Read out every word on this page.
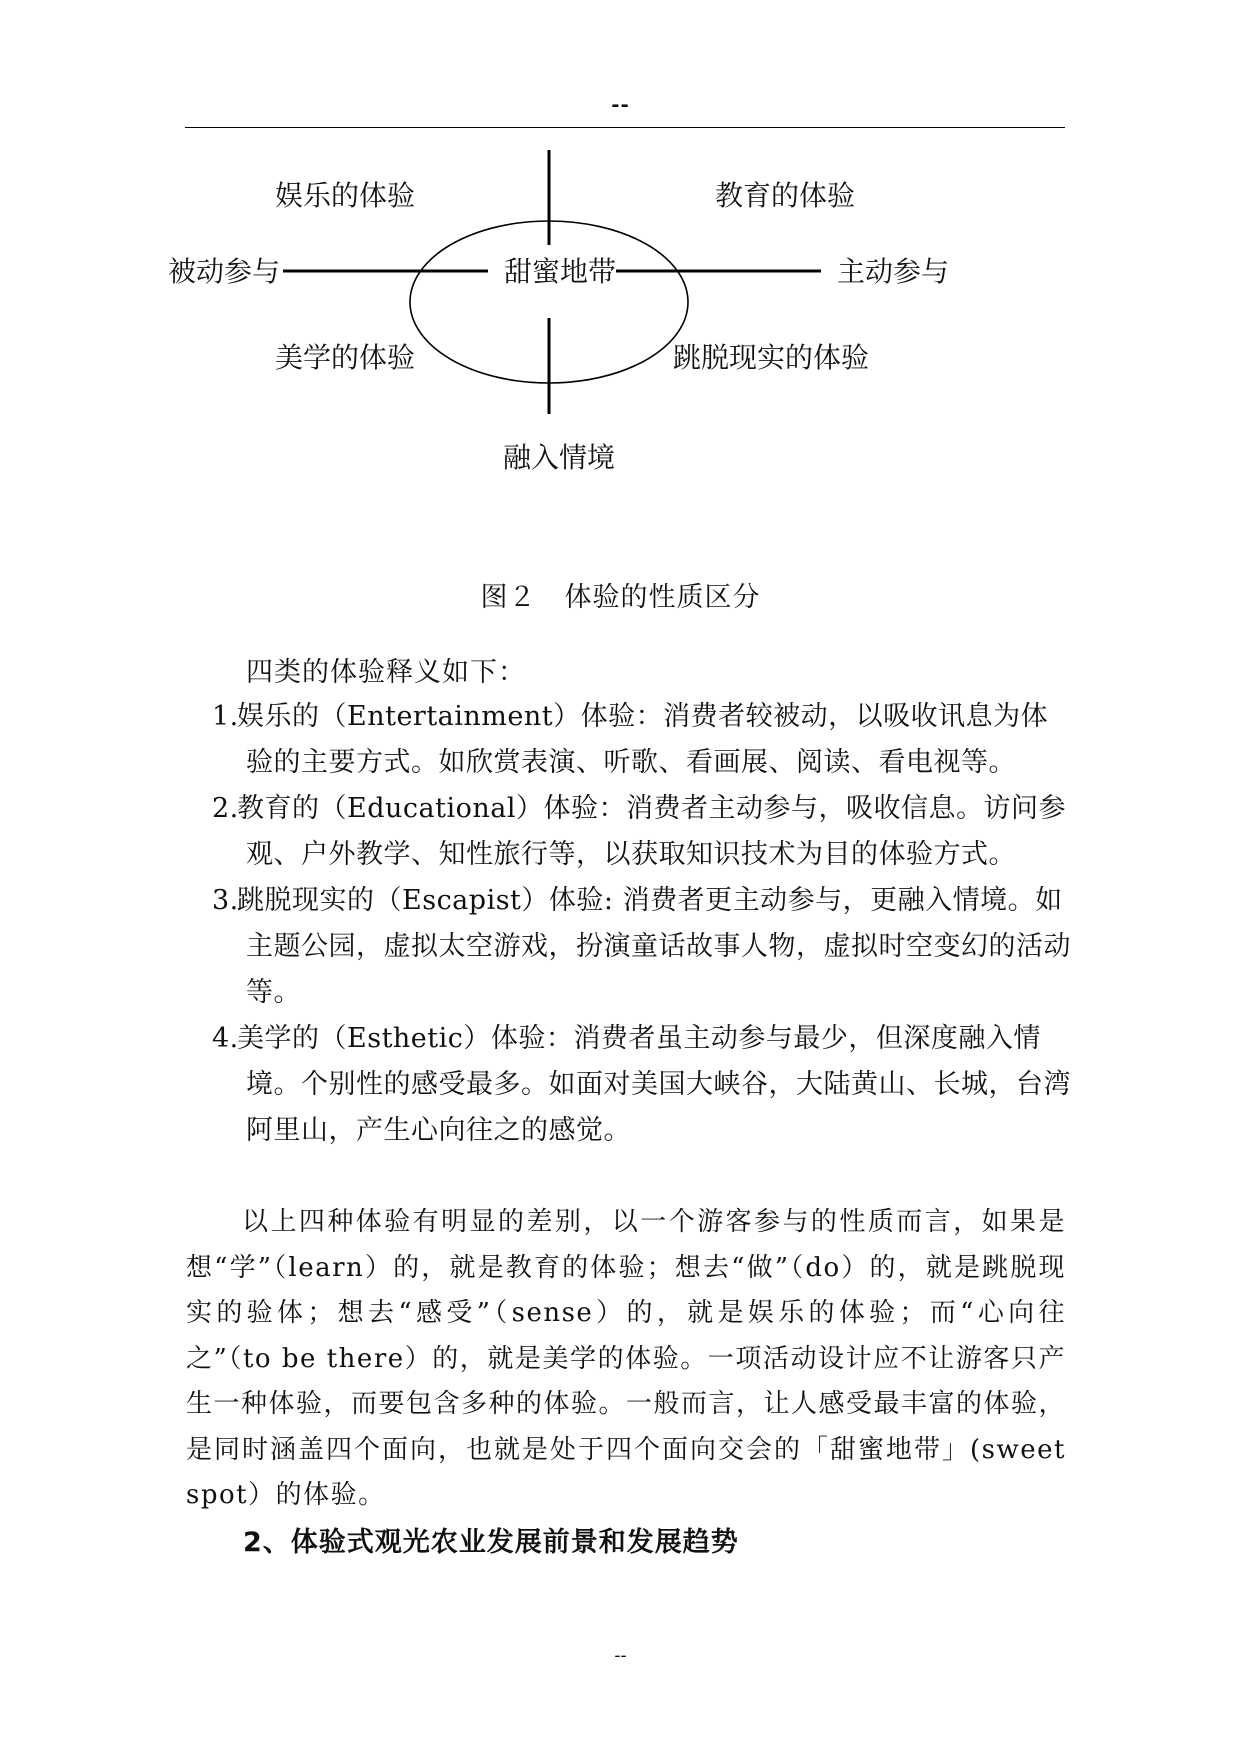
--
娱乐的体验	教育的体验
被动参与	甜蜜地带	主动参与
美学的体验	跳脱现实的体验
融入情境
图２　体验的性质区分
四类的体验释义如下：
1.
娱乐的（Entertainment）体验：消费者较被动，以吸收讯息为体验的主要方式。如欣赏表演、听歌、看画展、阅读、看电视等。
2.
教育的（Educational）体验：消费者主动参与，吸收信息。访问参观、户外教学、知性旅行等，以获取知识技术为目的体验方式。
3.
跳脱现实的（Escapist）体验: 消费者更主动参与，更融入情境。如主题公园，虚拟太空游戏，扮演童话故事人物，虚拟时空变幻的活动等。
4.
美学的（Esthetic）体验：消费者虽主动参与最少，但深度融入情境。个别性的感受最多。如面对美国大峡谷，大陆黄山、长城，台湾阿里山，产生心向往之的感觉。

以上四种体验有明显的差别，以一个游客参与的性质而言，如果是想“学”（learn）的，就是教育的体验；想去“做”（do）的，就是跳脱现实的验体；想去“感受”（sense）的，就是娱乐的体验；而“心向往之”（to be there）的，就是美学的体验。一项活动设计应不让游客只产生一种体验，而要包含多种的体验。一般而言，让人感受最丰富的体验，是同时涵盖四个面向，也就是处于四个面向交会的「甜蜜地带」(sweet spot）的体验。

2、体验式观光农业发展前景和发展趋势
--
